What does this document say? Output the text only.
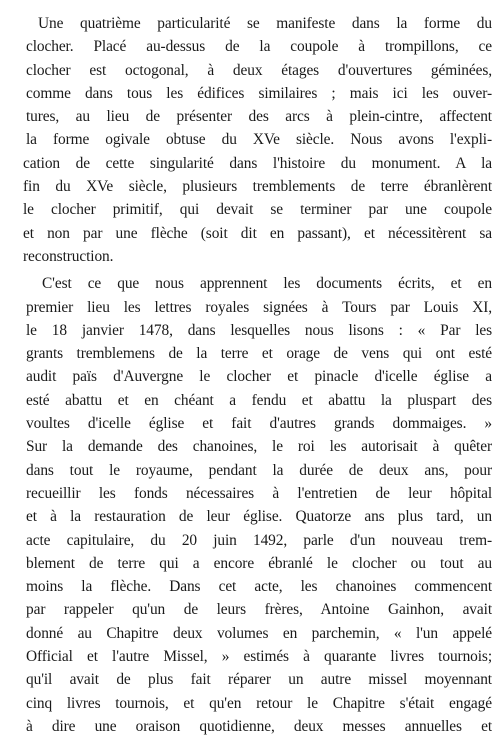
Une quatrième particularité se manifeste dans la forme du
clocher. Placé au-dessus de la coupole à trompillons, ce
clocher est octogonal, à deux étages d'ouvertures géminées,
comme dans tous les édifices similaires ; mais ici les ouver-
tures, au lieu de présenter des arcs à plein-cintre, affectent
la forme ogivale obtuse du XVe siècle. Nous avons l'expli-
cation de cette singularité dans l'histoire du monument. A la
fin du XVe siècle, plusieurs tremblements de terre ébranlèrent
le clocher primitif, qui devait se terminer par une coupole
et non par une flèche (soit dit en passant), et nécessitèrent sa
reconstruction.
C'est ce que nous apprennent les documents écrits, et en
premier lieu les lettres royales signées à Tours par Louis XI,
le 18 janvier 1478, dans lesquelles nous lisons : « Par les
grants tremblemens de la terre et orage de vens qui ont esté
audit païs d'Auvergne le clocher et pinacle d'icelle église a
esté abattu et en chéant a fendu et abattu la pluspart des
voultes d'icelle église et fait d'autres grands dommaiges. »
Sur la demande des chanoines, le roi les autorisait à quêter
dans tout le royaume, pendant la durée de deux ans, pour
recueillir les fonds nécessaires à l'entretien de leur hôpital
et à la restauration de leur église. Quatorze ans plus tard, un
acte capitulaire, du 20 juin 1492, parle d'un nouveau trem-
blement de terre qui a encore ébranlé le clocher ou tout au
moins la flèche. Dans cet acte, les chanoines commencent
par rappeler qu'un de leurs frères, Antoine Gainhon, avait
donné au Chapitre deux volumes en parchemin, « l'un appelé
Official et l'autre Missel, » estimés à quarante livres tournois;
qu'il avait de plus fait réparer un autre missel moyennant
cinq livres tournois, et qu'en retour le Chapitre s'était engagé
à dire une oraison quotidienne, deux messes annuelles et
